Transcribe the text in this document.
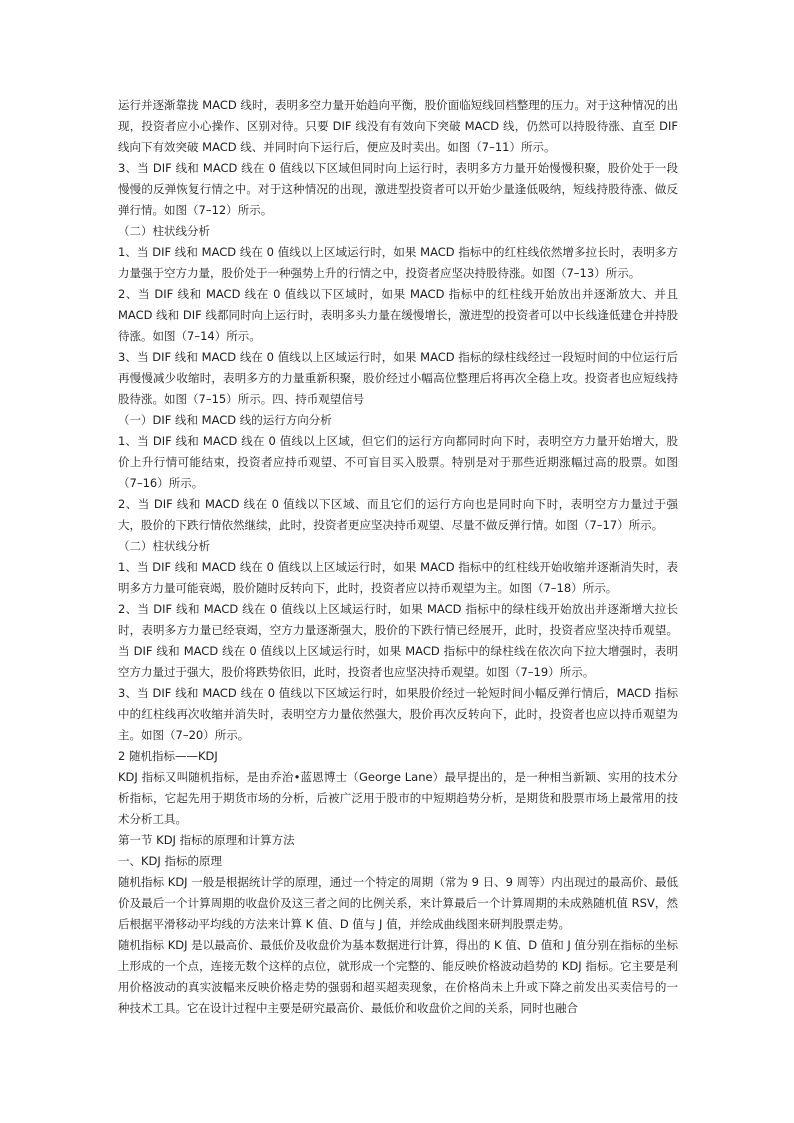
运行并逐渐靠拢 MACD 线时，表明多空力量开始趋向平衡，股价面临短线回档整理的压力。对于这种情况的出现，投资者应小心操作、区别对待。只要 DIF 线没有有效向下突破 MACD 线，仍然可以持股待涨、直至 DIF 线向下有效突破 MACD 线、并同时向下运行后，便应及时卖出。如图（7–11）所示。

3、当 DIF 线和 MACD 线在 0 值线以下区域但同时向上运行时，表明多方力量开始慢慢积聚，股价处于一段慢慢的反弹恢复行情之中。对于这种情况的出现，激进型投资者可以开始少量逢低吸纳，短线持股待涨、做反弹行情。如图（7–12）所示。

（二）柱状线分析

1、当 DIF 线和 MACD 线在 0 值线以上区域运行时，如果 MACD 指标中的红柱线依然增多拉长时，表明多方力量强于空方力量，股价处于一种强势上升的行情之中，投资者应坚决持股待涨。如图（7–13）所示。

2、当 DIF 线和 MACD 线在 0 值线以下区域时，如果 MACD 指标中的红柱线开始放出并逐渐放大、并且 MACD 线和 DIF 线都同时向上运行时，表明多头力量在缓慢增长，激进型的投资者可以中长线逢低建仓并持股待涨。如图（7–14）所示。

3、当 DIF 线和 MACD 线在 0 值线以上区域运行时，如果 MACD 指标的绿柱线经过一段短时间的中位运行后再慢慢减少收缩时，表明多方的力量重新积聚，股价经过小幅高位整理后将再次全稳上攻。投资者也应短线持股待涨。如图（7–15）所示。四、持币观望信号

（一）DIF 线和 MACD 线的运行方向分析

1、当 DIF 线和 MACD 线在 0 值线以上区域，但它们的运行方向都同时向下时，表明空方力量开始增大，股价上升行情可能结束，投资者应持币观望、不可盲目买入股票。特别是对于那些近期涨幅过高的股票。如图（7–16）所示。

2、当 DIF 线和 MACD 线在 0 值线以下区域、而且它们的运行方向也是同时向下时，表明空方力量过于强大，股价的下跌行情依然继续，此时，投资者更应坚决持币观望、尽量不做反弹行情。如图（7–17）所示。

（二）柱状线分析

1、当 DIF 线和 MACD 线在 0 值线以上区域运行时，如果 MACD 指标中的红柱线开始收缩并逐渐消失时，表明多方力量可能衰竭，股价随时反转向下，此时，投资者应以持币观望为主。如图（7–18）所示。

2、当 DIF 线和 MACD 线在 0 值线以上区域运行时，如果 MACD 指标中的绿柱线开始放出并逐渐增大拉长时，表明多方力量已经衰竭，空方力量逐渐强大，股价的下跌行情已经展开，此时，投资者应坚决持币观望。当 DIF 线和 MACD 线在 0 值线以上区域运行时，如果 MACD 指标中的绿柱线在依次向下拉大增强时，表明空方力量过于强大，股价将跌势依旧，此时，投资者也应坚决持币观望。如图（7–19）所示。

3、当 DIF 线和 MACD 线在 0 值线以下区域运行时，如果股价经过一轮短时间小幅反弹行情后，MACD 指标中的红柱线再次收缩并消失时，表明空方力量依然强大，股价再次反转向下，此时，投资者也应以持币观望为主。如图（7–20）所示。

2 随机指标——KDJ

KDJ 指标又叫随机指标，是由乔治•蓝恩博士（George Lane）最早提出的，是一种相当新颖、实用的技术分析指标，它起先用于期货市场的分析，后被广泛用于股市的中短期趋势分析，是期货和股票市场上最常用的技术分析工具。

第一节 KDJ 指标的原理和计算方法

一、KDJ 指标的原理

随机指标 KDJ 一般是根据统计学的原理，通过一个特定的周期（常为 9 日、9 周等）内出现过的最高价、最低价及最后一个计算周期的收盘价及这三者之间的比例关系，来计算最后一个计算周期的未成熟随机值 RSV，然后根据平滑移动平均线的方法来计算 K 值、D 值与 J 值，并绘成曲线图来研判股票走势。

随机指标 KDJ 是以最高价、最低价及收盘价为基本数据进行计算，得出的 K 值、D 值和 J 值分别在指标的坐标上形成的一个点，连接无数个这样的点位，就形成一个完整的、能反映价格波动趋势的 KDJ 指标。它主要是利用价格波动的真实波幅来反映价格走势的强弱和超买超卖现象，在价格尚未上升或下降之前发出买卖信号的一种技术工具。它在设计过程中主要是研究最高价、最低价和收盘价之间的关系，同时也融合
